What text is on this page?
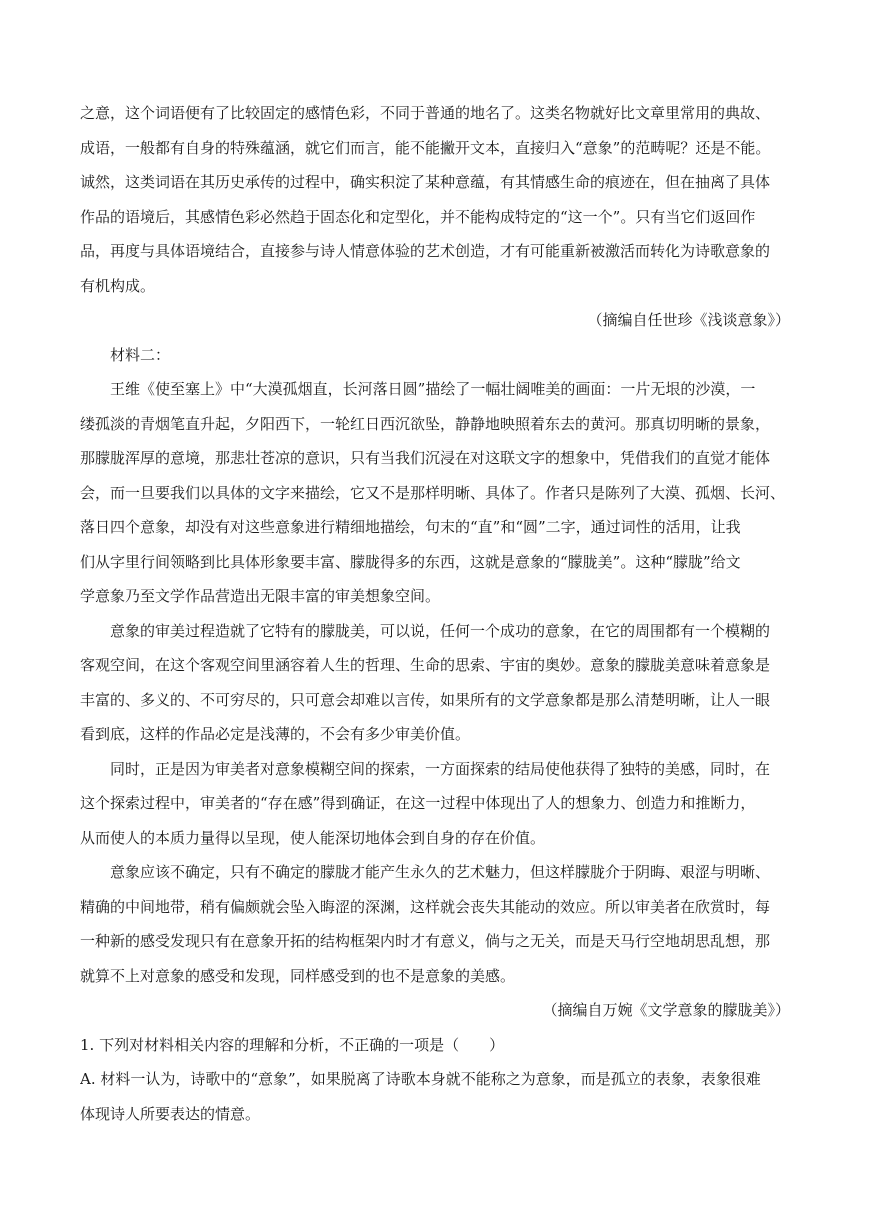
之意，这个词语便有了比较固定的感情色彩，不同于普通的地名了。这类名物就好比文章里常用的典故、
成语，一般都有自身的特殊蕴涵，就它们而言，能不能撇开文本，直接归入“意象”的范畴呢？还是不能。
诚然，这类词语在其历史承传的过程中，确实积淀了某种意蕴，有其情感生命的痕迹在，但在抽离了具体
作品的语境后，其感情色彩必然趋于固态化和定型化，并不能构成特定的“这一个”。只有当它们返回作
品，再度与具体语境结合，直接参与诗人情意体验的艺术创造，才有可能重新被激活而转化为诗歌意象的
有机构成。
（摘编自任世珍《浅谈意象》）
材料二：
王维《使至塞上》中“大漠孤烟直，长河落日圆”描绘了一幅壮阔唯美的画面：一片无垠的沙漠，一
缕孤淡的青烟笔直升起，夕阳西下，一轮红日西沉欲坠，静静地映照着东去的黄河。那真切明晰的景象，
那朦胧浑厚的意境，那悲壮苍凉的意识，只有当我们沉浸在对这联文字的想象中，凭借我们的直觉才能体
会，而一旦要我们以具体的文字来描绘，它又不是那样明晰、具体了。作者只是陈列了大漠、孤烟、长河、
落日四个意象，却没有对这些意象进行精细地描绘，句末的“直”和“圆”二字，通过词性的活用，让我
们从字里行间领略到比具体形象要丰富、朦胧得多的东西，这就是意象的“朦胧美”。这种“朦胧”给文
学意象乃至文学作品营造出无限丰富的审美想象空间。
意象的审美过程造就了它特有的朦胧美，可以说，任何一个成功的意象，在它的周围都有一个模糊的
客观空间，在这个客观空间里涵容着人生的哲理、生命的思索、宇宙的奥妙。意象的朦胧美意味着意象是
丰富的、多义的、不可穷尽的，只可意会却难以言传，如果所有的文学意象都是那么清楚明晰，让人一眼
看到底，这样的作品必定是浅薄的，不会有多少审美价值。
同时，正是因为审美者对意象模糊空间的探索，一方面探索的结局使他获得了独特的美感，同时，在
这个探索过程中，审美者的“存在感”得到确证，在这一过程中体现出了人的想象力、创造力和推断力，
从而使人的本质力量得以呈现，使人能深切地体会到自身的存在价值。
意象应该不确定，只有不确定的朦胧才能产生永久的艺术魅力，但这样朦胧介于阴晦、艰涩与明晰、
精确的中间地带，稍有偏颇就会坠入晦涩的深渊，这样就会丧失其能动的效应。所以审美者在欣赏时，每
一种新的感受发现只有在意象开拓的结构框架内时才有意义，倘与之无关，而是天马行空地胡思乱想，那
就算不上对意象的感受和发现，同样感受到的也不是意象的美感。
（摘编自万婉《文学意象的朦胧美》）
1. 下列对材料相关内容的理解和分析，不正确的一项是（　　）
A. 材料一认为，诗歌中的“意象”，如果脱离了诗歌本身就不能称之为意象，而是孤立的表象，表象很难
体现诗人所要表达的情意。
